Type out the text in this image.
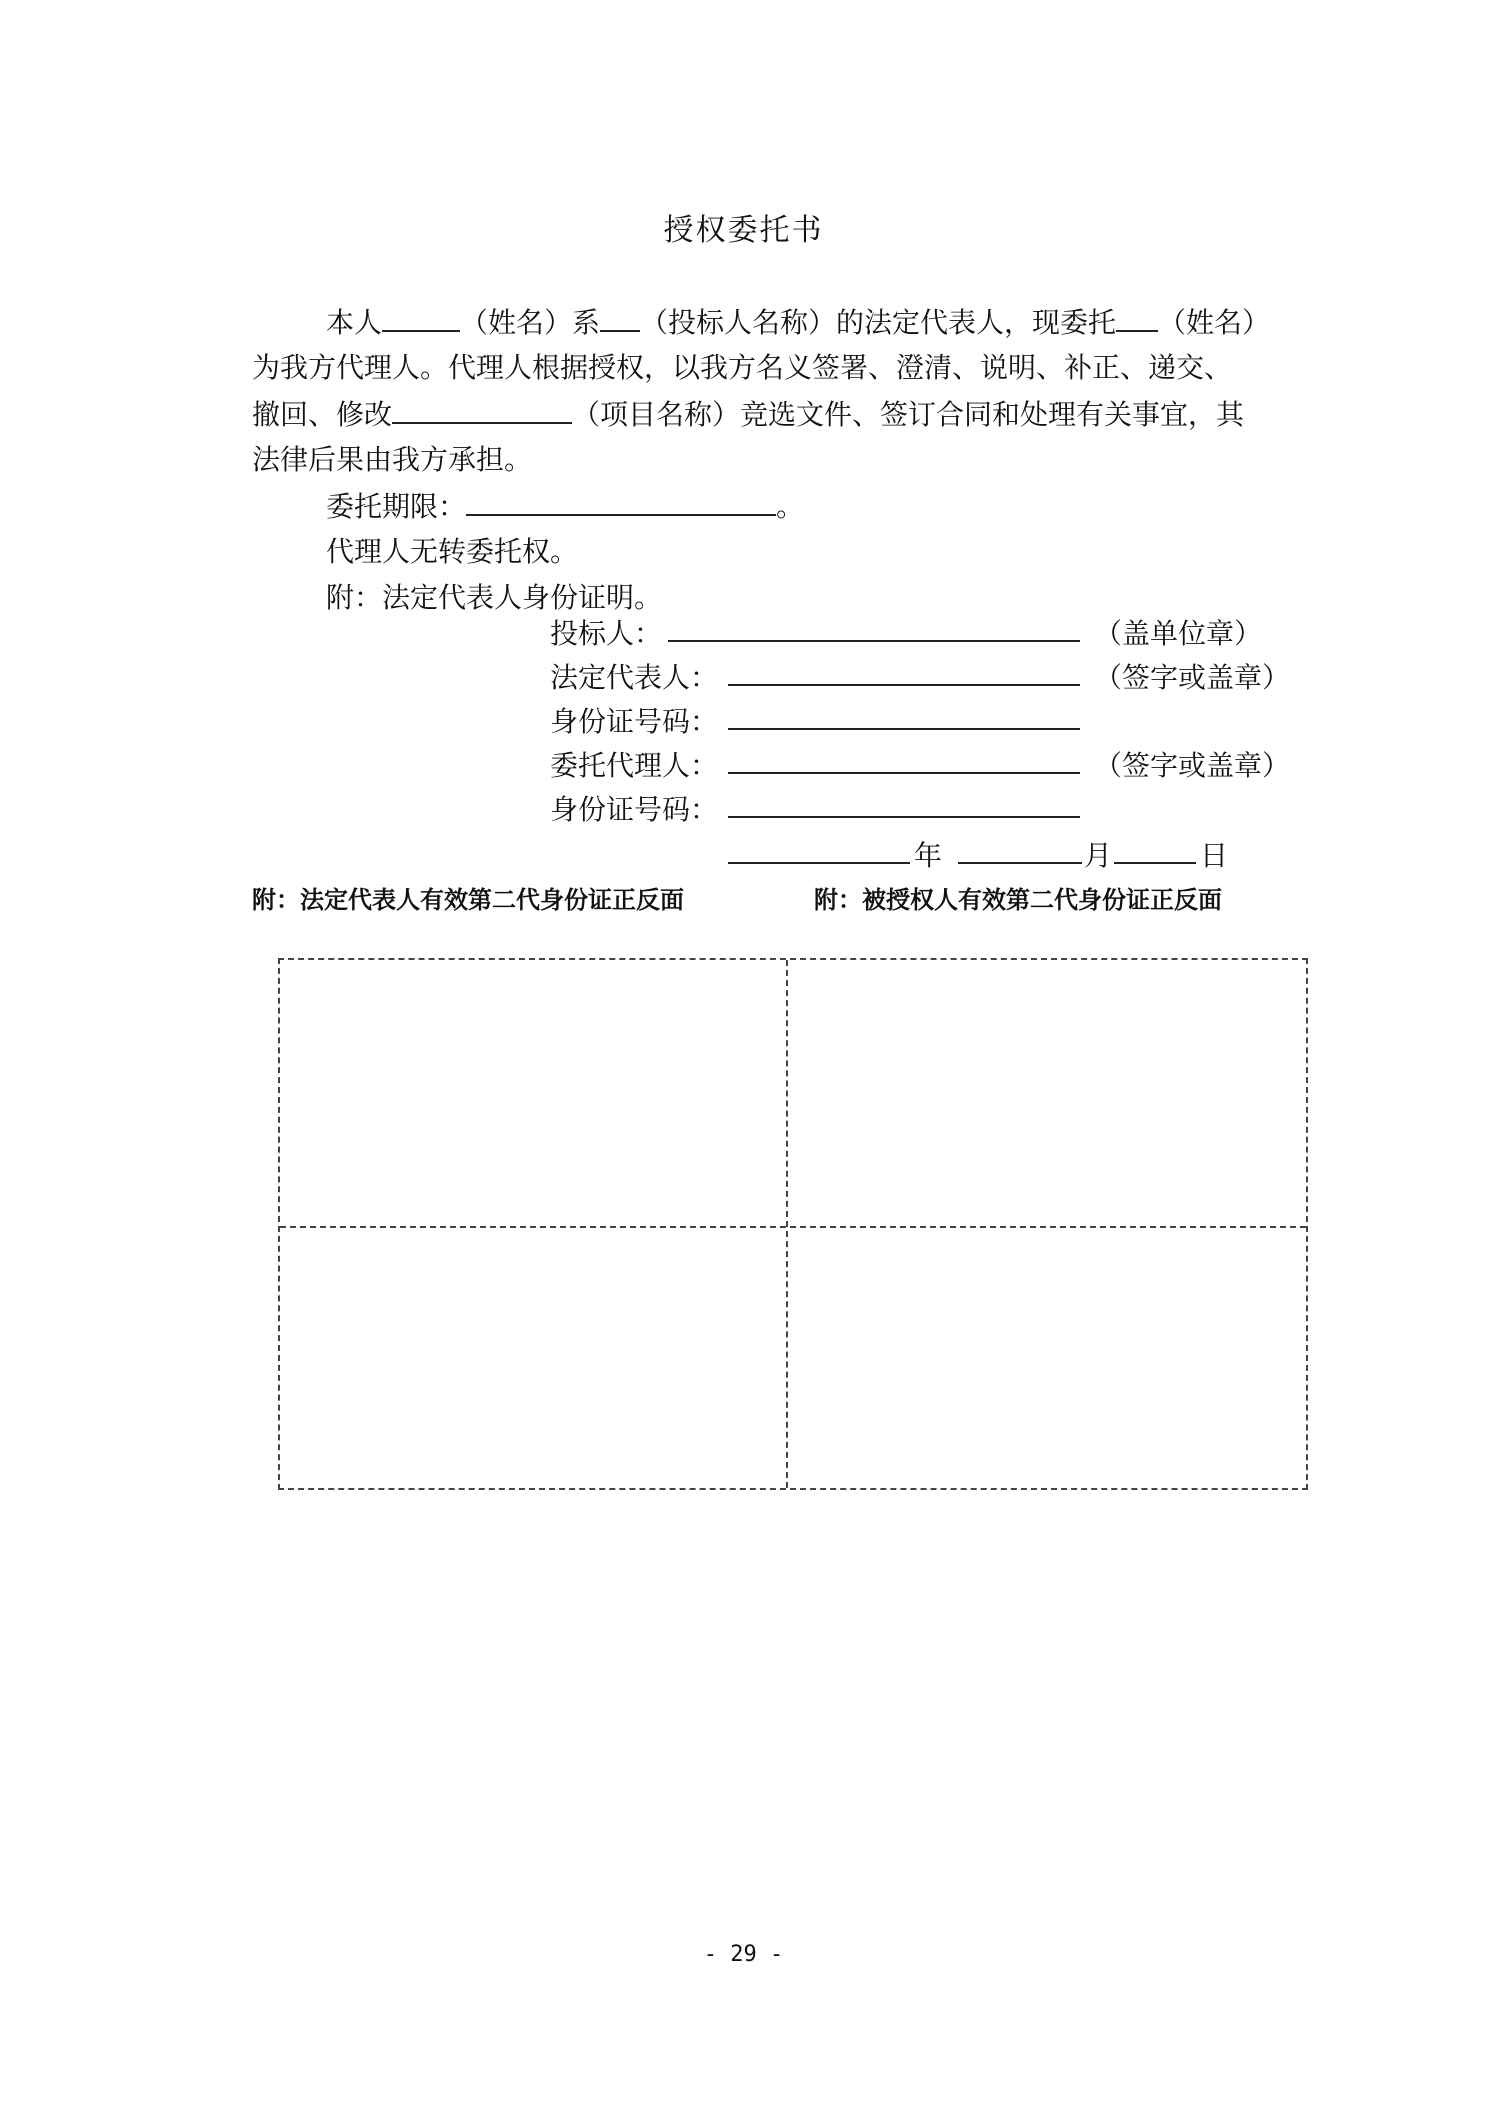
授权委托书
本人	（姓名）系 （投标人名称）的法定代表人，现委托 （姓名）
为我方代理人。代理人根据授权，以我方名义签署、澄清、说明、补正、递交、
撤回、修改	（项目名称）竞选文件、签订合同和处理有关事宜，其
法律后果由我方承担。
委托期限：	。
代理人无转委托权。
附：法定代表人身份证明。
投标人：	（盖单位章）
法定代表人：	（签字或盖章）
身份证号码：
委托代理人：	（签字或盖章）
身份证号码：
年	月	日
附：法定代表人有效第二代身份证正反面	附：被授权人有效第二代身份证正反面
- 29 -
